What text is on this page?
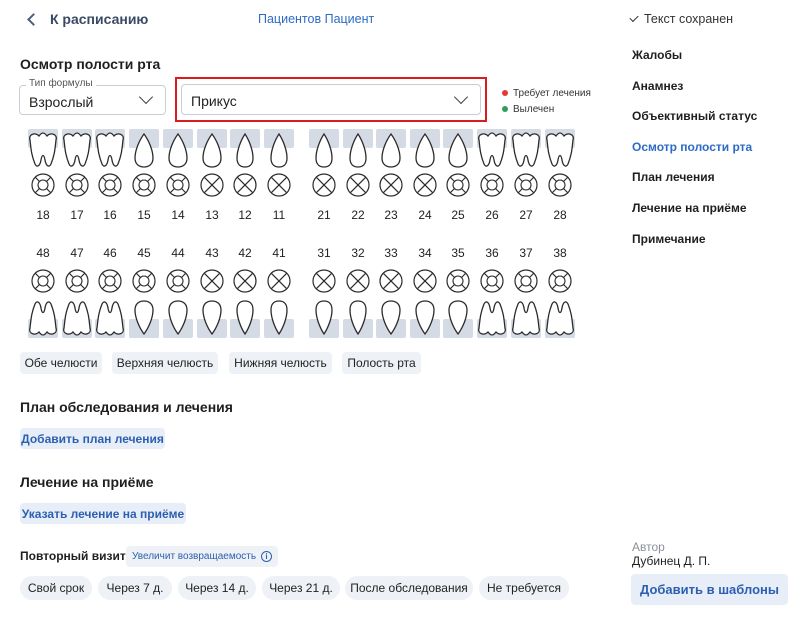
К расписанию	Пациентов Пациент	Текст сохранен
Осмотр полости рта
Тип формулы
Взрослый	Прикус	Требует лечения
Вылечен
18 17 16 15 14 13 12 11	21 22 23 24 25 26 27 28
48 47 46 45 44 43 42 41	31 32 33 34 35 36 37 38
Обе челюсти	Верхняя челюсть	Нижняя челюсть	Полость рта
План обследования и лечения
Добавить план лечения
Лечение на приёме
Указать лечение на приёме
Повторный визит Увеличит возвращаемость	i
Свой срок	Через 7 д.	Через 14 д.	Через 21 д.	После обследования	Не требуется
Жалобы
Анамнез
Объективный статус
Осмотр полости рта
План лечения
Лечение на приёме
Примечание
Автор
Дубинец Д. П.
Добавить в шаблоны
